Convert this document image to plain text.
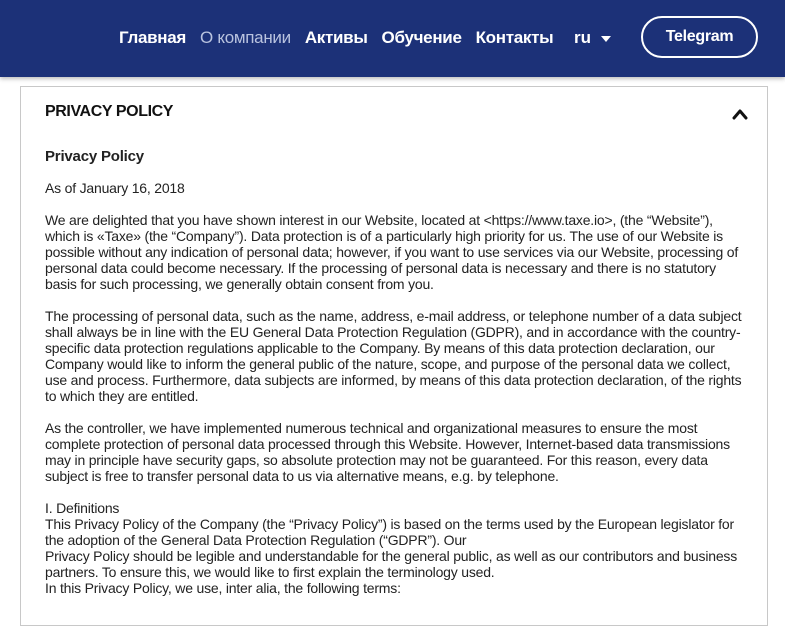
Главная О компании Активы Обучение Контакты ru	Telegram
PRIVACY POLICY

Privacy Policy

As of January 16, 2018

We are delighted that you have shown interest in our Website, located at <https://www.taxe.io>, (the “Website”), which is «Taxe» (the “Company”). Data protection is of a particularly high priority for us. The use of our Website is possible without any indication of personal data; however, if you want to use services via our Website, processing of personal data could become necessary. If the processing of personal data is necessary and there is no statutory basis for such processing, we generally obtain consent from you.

The processing of personal data, such as the name, address, e-mail address, or telephone number of a data subject shall always be in line with the EU General Data Protection Regulation (GDPR), and in accordance with the country-specific data protection regulations applicable to the Company. By means of this data protection declaration, our Company would like to inform the general public of the nature, scope, and purpose of the personal data we collect, use and process. Furthermore, data subjects are informed, by means of this data protection declaration, of the rights to which they are entitled.

As the controller, we have implemented numerous technical and organizational measures to ensure the most complete protection of personal data processed through this Website. However, Internet-based data transmissions may in principle have security gaps, so absolute protection may not be guaranteed. For this reason, every data subject is free to transfer personal data to us via alternative means, e.g. by telephone.

I. Definitions

This Privacy Policy of the Company (the “Privacy Policy”) is based on the terms used by the European legislator for the adoption of the General Data Protection Regulation (“GDPR”). Our

Privacy Policy should be legible and understandable for the general public, as well as our contributors and business partners. To ensure this, we would like to first explain the terminology used.

In this Privacy Policy, we use, inter alia, the following terms:
